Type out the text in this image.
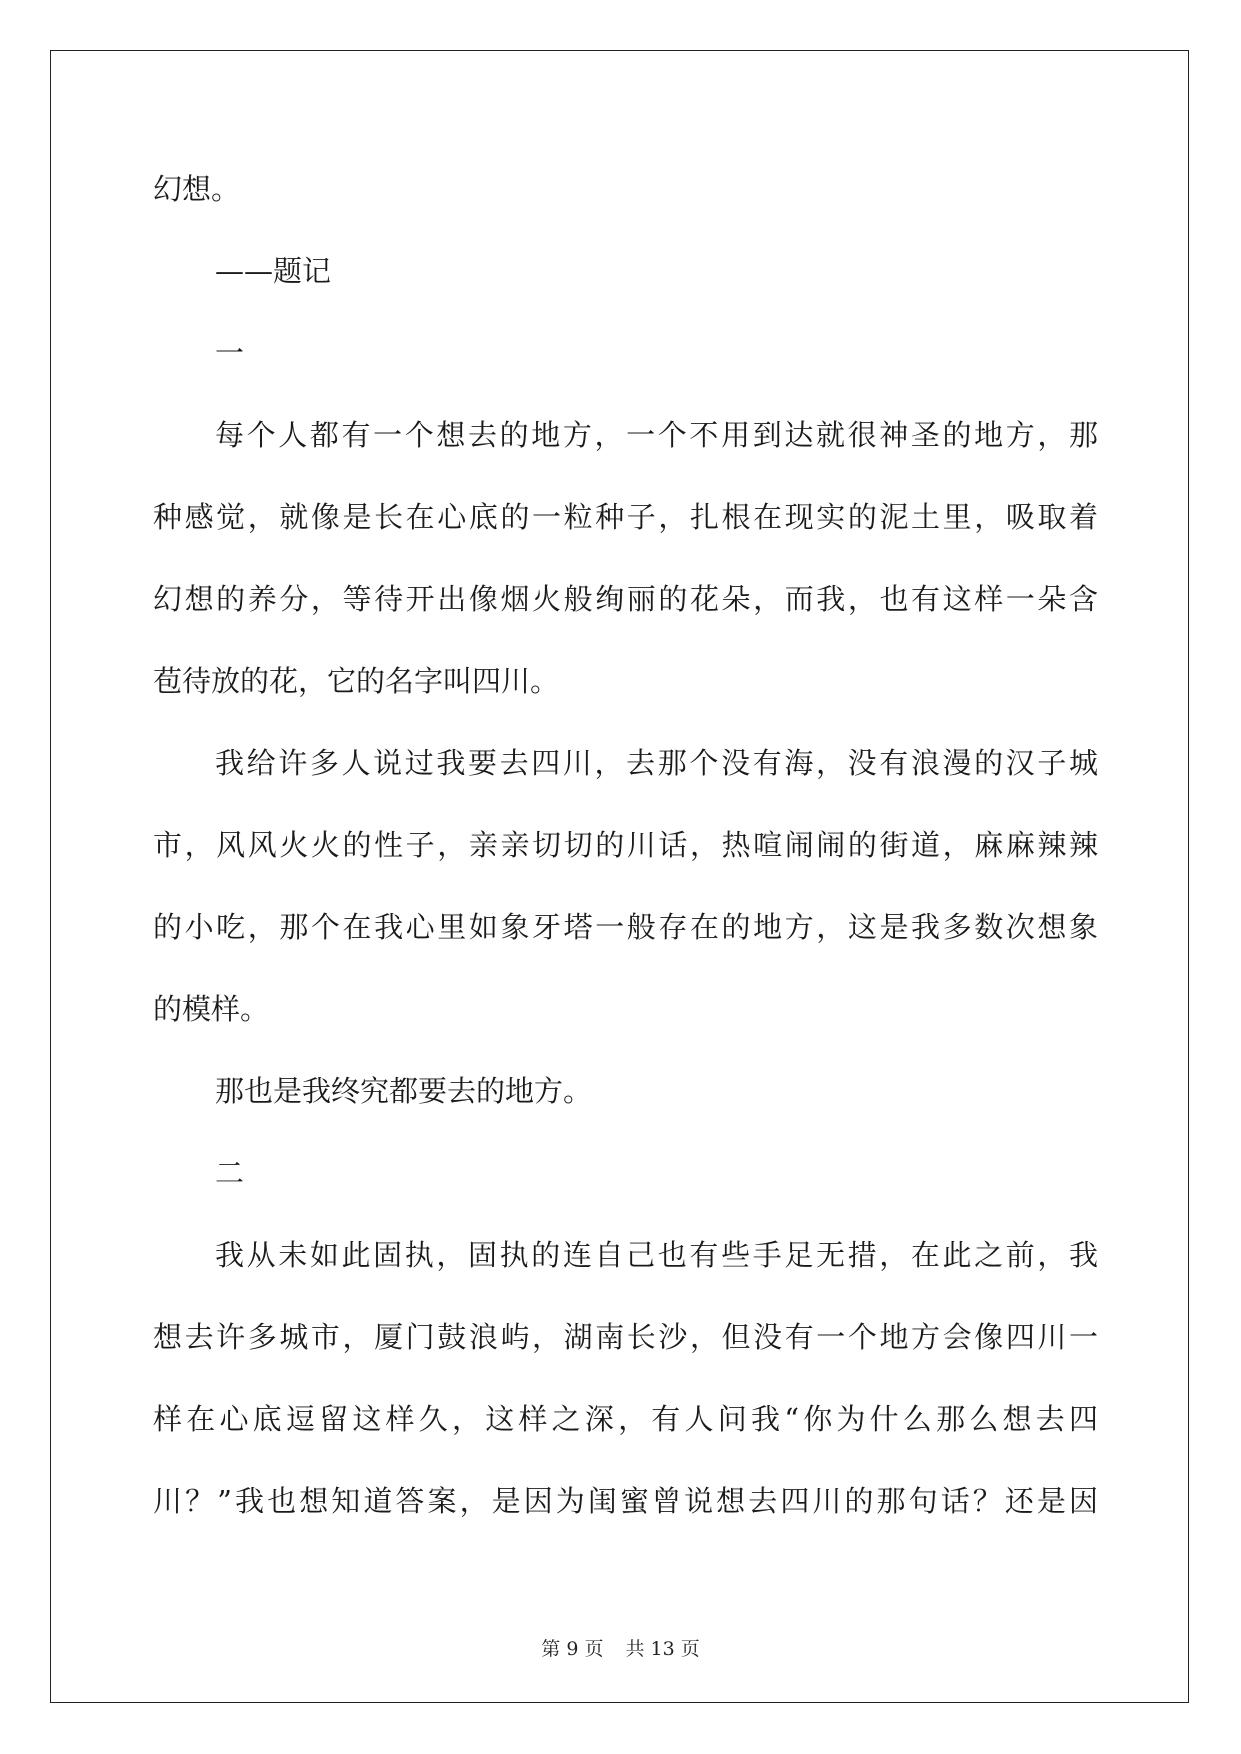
幻想。
——题记
一
每个人都有一个想去的地方，一个不用到达就很神圣的地方，那
种感觉，就像是长在心底的一粒种子，扎根在现实的泥土里，吸取着
幻想的养分，等待开出像烟火般绚丽的花朵，而我，也有这样一朵含
苞待放的花，它的名字叫四川。
我给许多人说过我要去四川，去那个没有海，没有浪漫的汉子城
市，风风火火的性子，亲亲切切的川话，热喧闹闹的街道，麻麻辣辣
的小吃，那个在我心里如象牙塔一般存在的地方，这是我多数次想象
的模样。
那也是我终究都要去的地方。
二
我从未如此固执，固执的连自己也有些手足无措，在此之前，我
想去许多城市，厦门鼓浪屿，湖南长沙，但没有一个地方会像四川一
样在心底逗留这样久，这样之深，有人问我“你为什么那么想去四
川？”我也想知道答案，是因为闺蜜曾说想去四川的那句话？还是因
第 9 页 共 13 页
